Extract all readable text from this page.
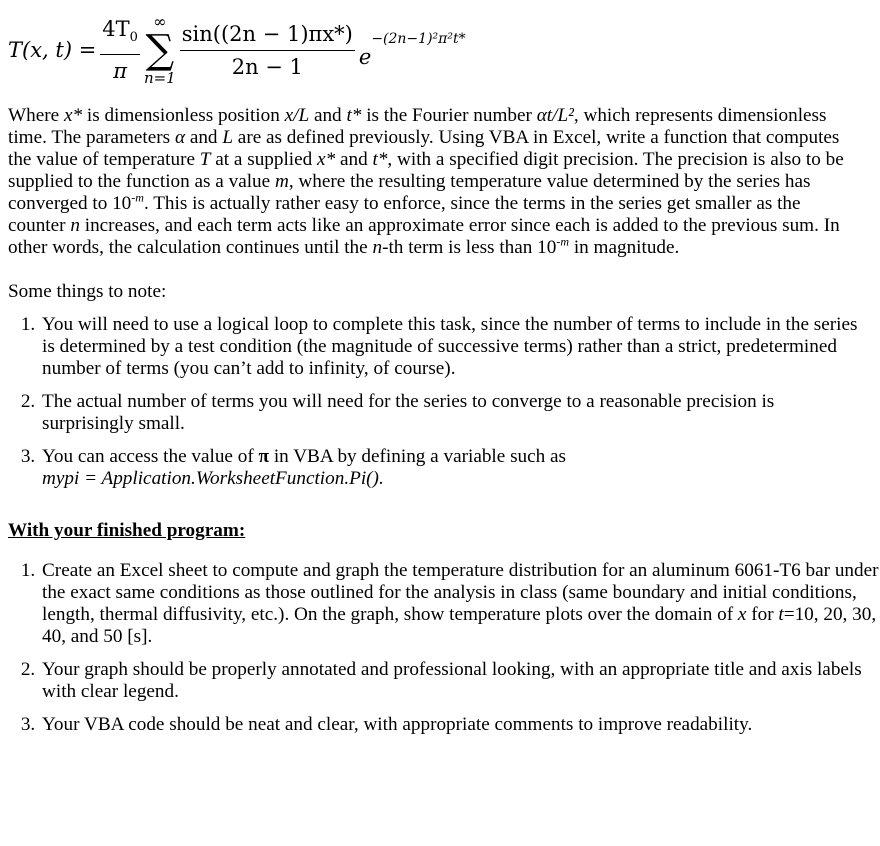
T(x, $t) = \frac{4T_0}{\pi}$ ∞
∑
$n=1 \frac{\sin((2n - 1)\pi x*)}{2n - 1}$ e
−(2n−1)²π²t*

Where x* is dimensionless position x/L and t* is the Fourier number αt/L², which represents dimensionless time. The parameters α and L are as defined previously. Using VBA in Excel, write a function that computes the value of temperature T at a supplied x* and t*, with a specified digit precision. The precision is also to be supplied to the function as a value m, where the resulting temperature value determined by the series has converged to $10^{-m}$. This is actually rather easy to enforce, since the terms in the series get smaller as the counter n increases, and each term acts like an approximate error since each is added to the previous sum. In other words, the calculation continues until the n-th term is less than $10^{-m}$ in magnitude.

Some things to note:

1. You will need to use a logical loop to complete this task, since the number of terms to include in the series is determined by a test condition (the magnitude of successive terms) rather than a strict, predetermined number of terms (you can’t add to infinity, of course).
2. The actual number of terms you will need for the series to converge to a reasonable precision is surprisingly small.
3. You can access the value of π in VBA by defining a variable such as
mypi = Application.WorksheetFunction.Pi().

With your finished program:

1. Create an Excel sheet to compute and graph the temperature distribution for an aluminum 6061-T6 bar under the exact same conditions as those outlined for the analysis in class (same boundary and initial conditions, length, thermal diffusivity, etc.). On the graph, show temperature plots over the domain of x for t=10, 20, 30, 40, and 50 [s].
2. Your graph should be properly annotated and professional looking, with an appropriate title and axis labels with clear legend.
3. Your VBA code should be neat and clear, with appropriate comments to improve readability.
